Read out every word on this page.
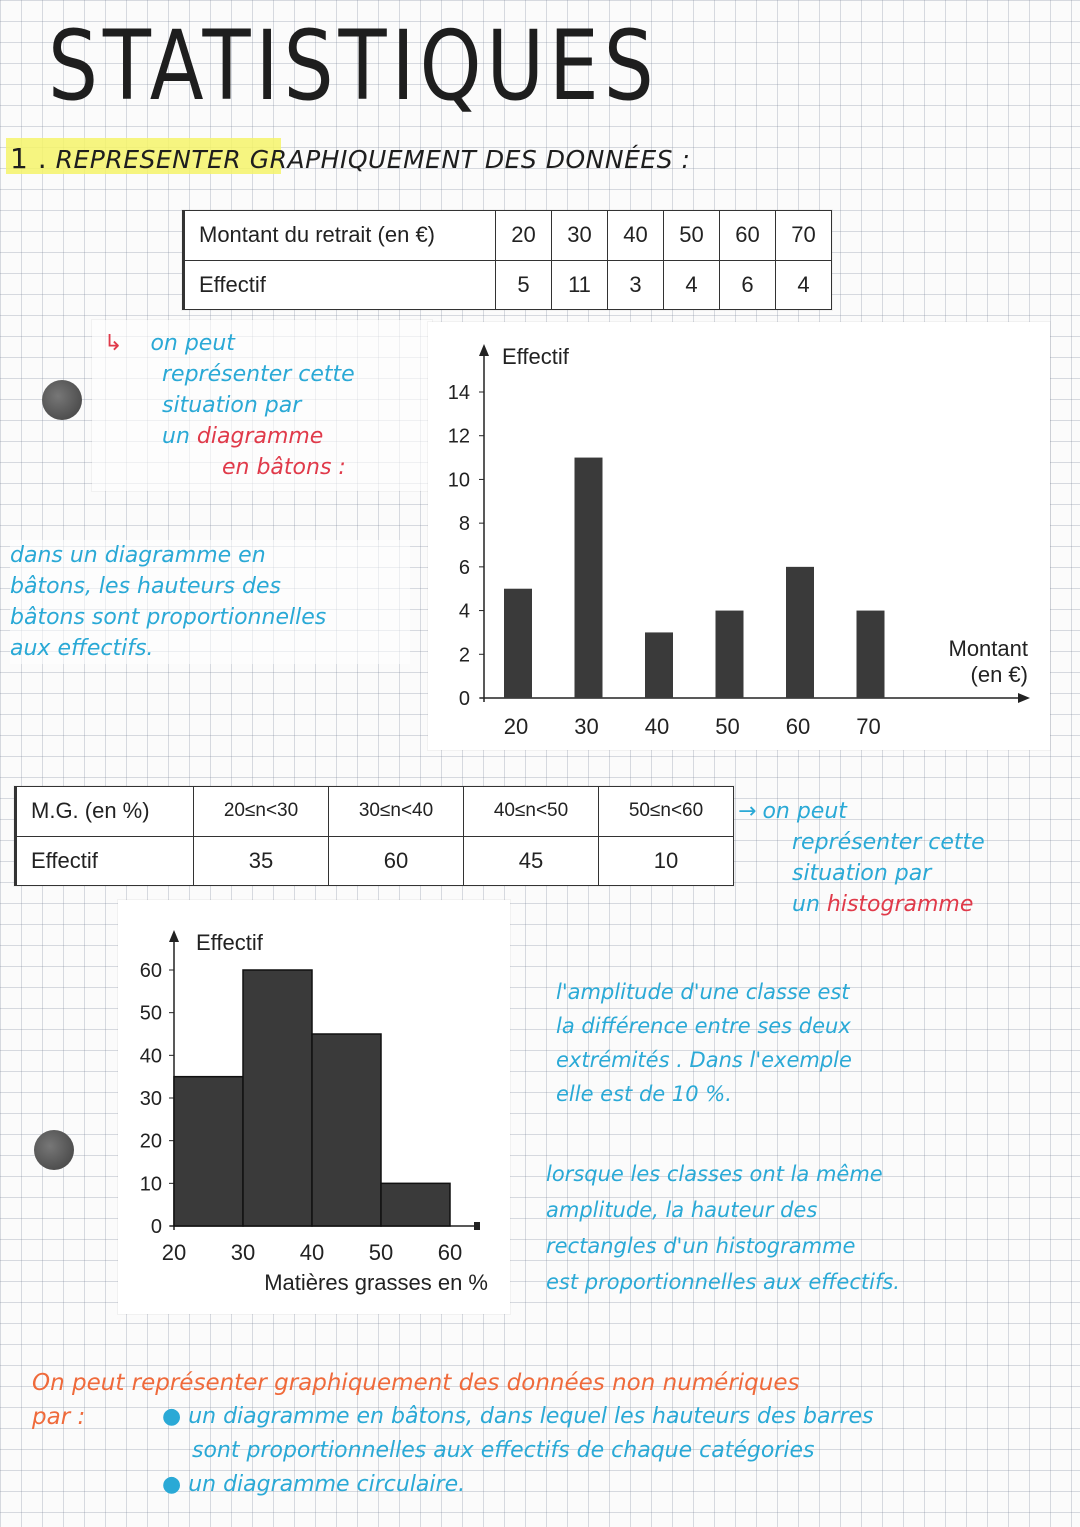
STATISTIQUES
1 . REPRESENTER GRAPHIQUEMENT DES DONNÉES :
Montant du retrait (en €)	20	30	40	50	60	70
Effectif	5	11	3	4	6	4
↳ on peut
représenter cette
situation par
un diagramme
en bâtons :
dans un diagramme en
bâtons, les hauteurs des
bâtons sont proportionnelles
aux effectifs.
0
2
4
6
8
10
12
14
Effectif
Montant
(en €)
20 30 40 50 60 70
M.G. (en %)	20≤n<30	30≤n<40	40≤n<50	50≤n<60
Effectif	35	60	45	10
→ on peut
représenter cette
situation par
un histogramme
0
10
20
30
40
50
60
Effectif
20 30 40 50 60
Matières grasses en %
l'amplitude d'une classe est
la différence entre ses deux
extrémités . Dans l'exemple
elle est de 10 %.
lorsque les classes ont la même
amplitude, la hauteur des
rectangles d'un histogramme
est proportionnelles aux effectifs.
On peut représenter graphiquement des données non numériques
par :	● un diagramme en bâtons, dans lequel les hauteurs des barres
sont proportionnelles aux effectifs de chaque catégories
● un diagramme circulaire.
